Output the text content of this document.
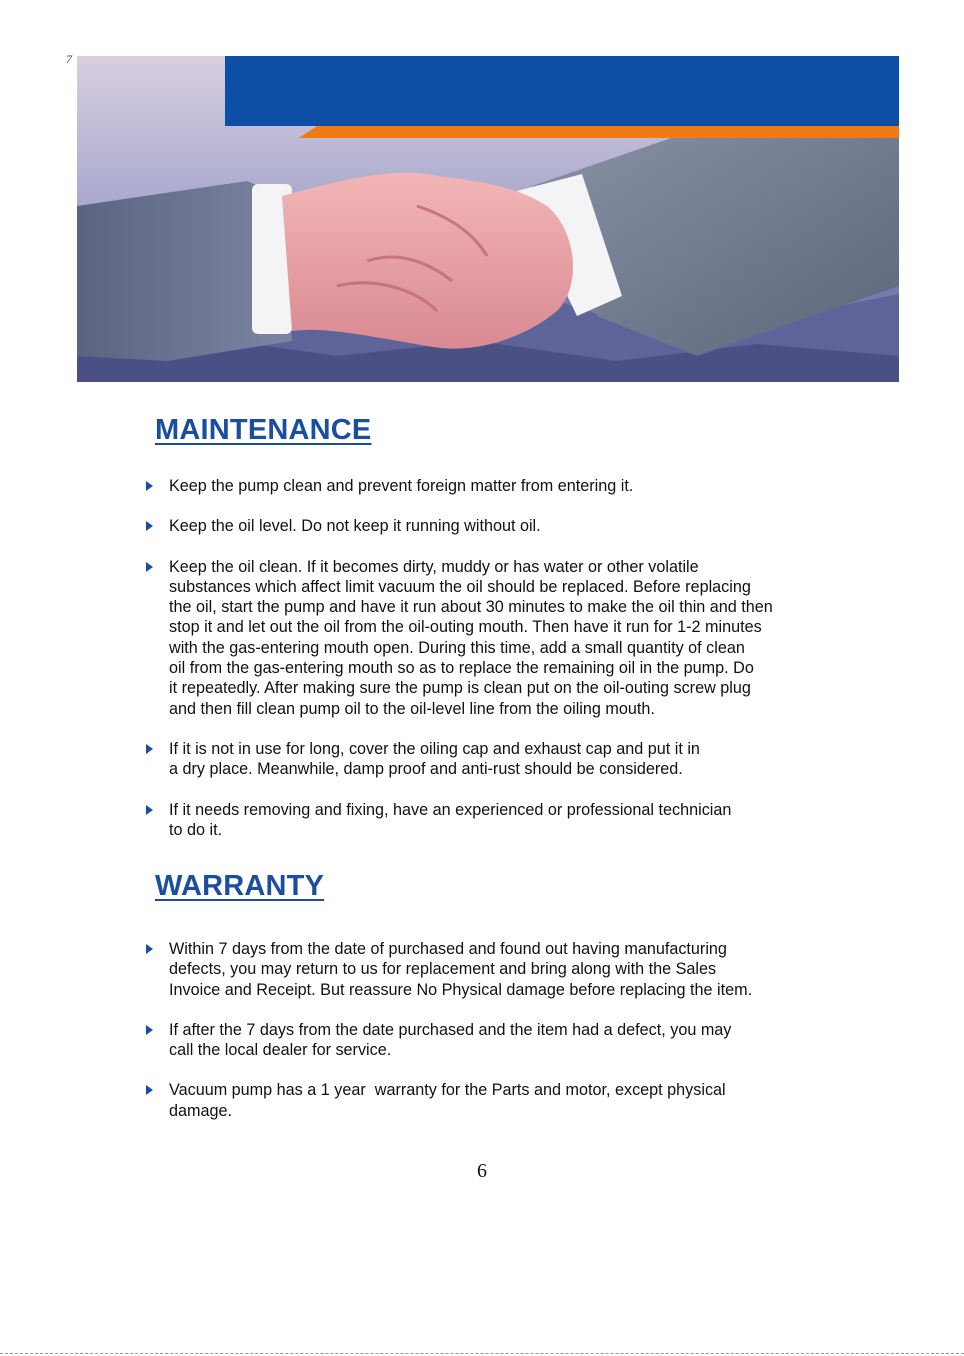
7
MAINTENANCE
Keep the pump clean and prevent foreign matter from entering it.
Keep the oil level. Do not keep it running without oil.
Keep the oil clean. If it becomes dirty, muddy or has water or other volatile
substances which affect limit vacuum the oil should be replaced. Before replacing
the oil, start the pump and have it run about 30 minutes to make the oil thin and then
stop it and let out the oil from the oil-outing mouth. Then have it run for 1-2 minutes
with the gas-entering mouth open. During this time, add a small quantity of clean
oil from the gas-entering mouth so as to replace the remaining oil in the pump. Do
it repeatedly. After making sure the pump is clean put on the oil-outing screw plug
and then fill clean pump oil to the oil-level line from the oiling mouth.
If it is not in use for long, cover the oiling cap and exhaust cap and put it in
a dry place. Meanwhile, damp proof and anti-rust should be considered.
If it needs removing and fixing, have an experienced or professional technician
to do it.
WARRANTY
Within 7 days from the date of purchased and found out having manufacturing
defects, you may return to us for replacement and bring along with the Sales
Invoice and Receipt. But reassure No Physical damage before replacing the item.
If after the 7 days from the date purchased and the item had a defect, you may
call the local dealer for service.
Vacuum pump has a 1 year  warranty for the Parts and motor, except physical
damage.
6
